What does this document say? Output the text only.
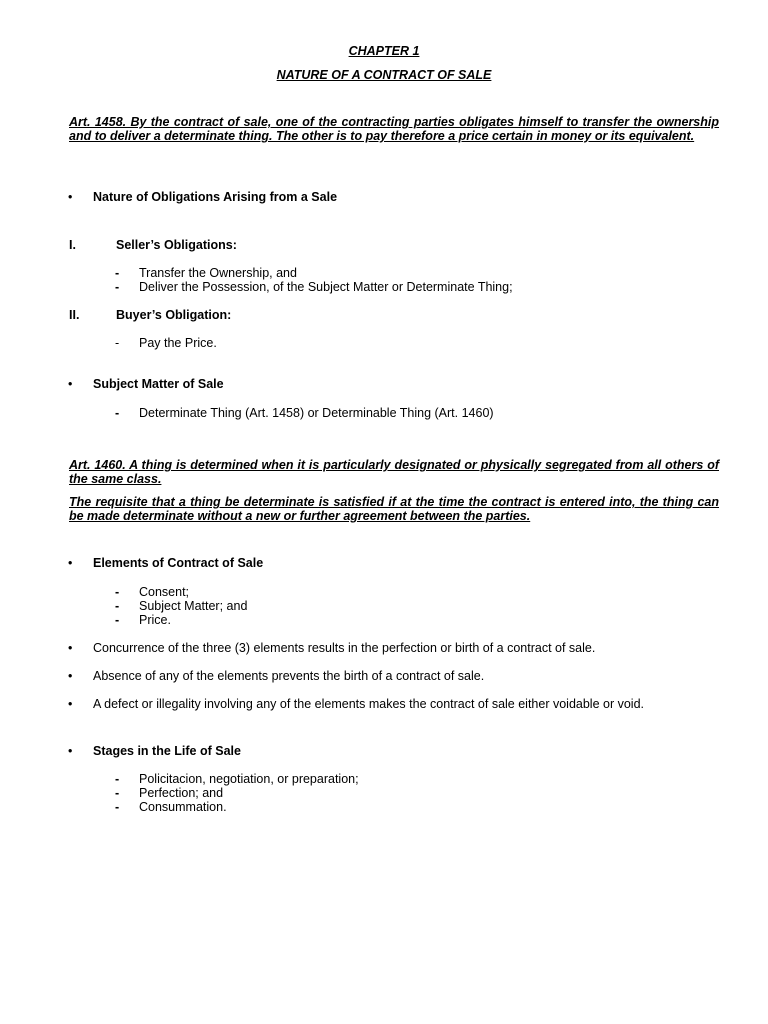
CHAPTER 1
NATURE OF A CONTRACT OF SALE
Art. 1458. By the contract of sale, one of the contracting parties obligates himself to transfer the ownership and to deliver a determinate thing. The other is to pay therefore a price certain in money or its equivalent.
• Nature of Obligations Arising from a Sale
I.	Seller’s Obligations:
- Transfer the Ownership, and
- Deliver the Possession, of the Subject Matter or Determinate Thing;
II.	Buyer’s Obligation:
- Pay the Price.
• Subject Matter of Sale
- Determinate Thing (Art. 1458) or Determinable Thing (Art. 1460)
Art. 1460. A thing is determined when it is particularly designated or physically segregated from all others of the same class.
The requisite that a thing be determinate is satisfied if at the time the contract is entered into, the thing can be made determinate without a new or further agreement between the parties.
• Elements of Contract of Sale
- Consent;
- Subject Matter; and
- Price.
• Concurrence of the three (3) elements results in the perfection or birth of a contract of sale.
• Absence of any of the elements prevents the birth of a contract of sale.
• A defect or illegality involving any of the elements makes the contract of sale either voidable or void.
• Stages in the Life of Sale
- Policitacion, negotiation, or preparation;
- Perfection; and
- Consummation.
